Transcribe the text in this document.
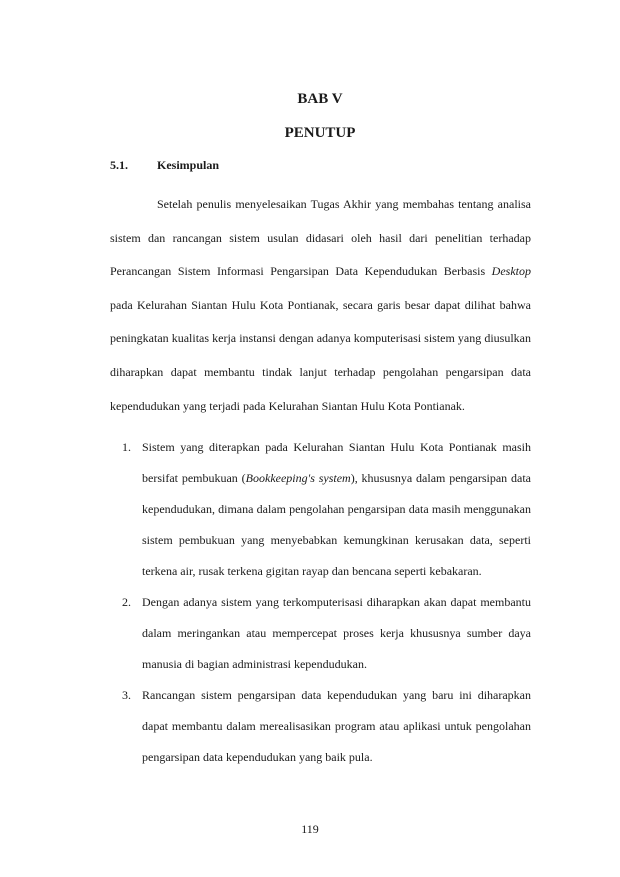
BAB V
PENUTUP
5.1. Kesimpulan

Setelah penulis menyelesaikan Tugas Akhir yang membahas tentang analisa sistem dan rancangan sistem usulan didasari oleh hasil dari penelitian terhadap Perancangan Sistem Informasi Pengarsipan Data Kependudukan Berbasis Desktop pada Kelurahan Siantan Hulu Kota Pontianak, secara garis besar dapat dilihat bahwa peningkatan kualitas kerja instansi dengan adanya komputerisasi sistem yang diusulkan diharapkan dapat membantu tindak lanjut terhadap pengolahan pengarsipan data kependudukan yang terjadi pada Kelurahan Siantan Hulu Kota Pontianak.

1. Sistem yang diterapkan pada Kelurahan Siantan Hulu Kota Pontianak masih bersifat pembukuan (Bookkeeping's system), khususnya dalam pengarsipan data kependudukan, dimana dalam pengolahan pengarsipan data masih menggunakan sistem pembukuan yang menyebabkan kemungkinan kerusakan data, seperti terkena air, rusak terkena gigitan rayap dan bencana seperti kebakaran.
2. Dengan adanya sistem yang terkomputerisasi diharapkan akan dapat membantu dalam meringankan atau mempercepat proses kerja khususnya sumber daya manusia di bagian administrasi kependudukan.
3. Rancangan sistem pengarsipan data kependudukan yang baru ini diharapkan dapat membantu dalam merealisasikan program atau aplikasi untuk pengolahan pengarsipan data kependudukan yang baik pula.
119
